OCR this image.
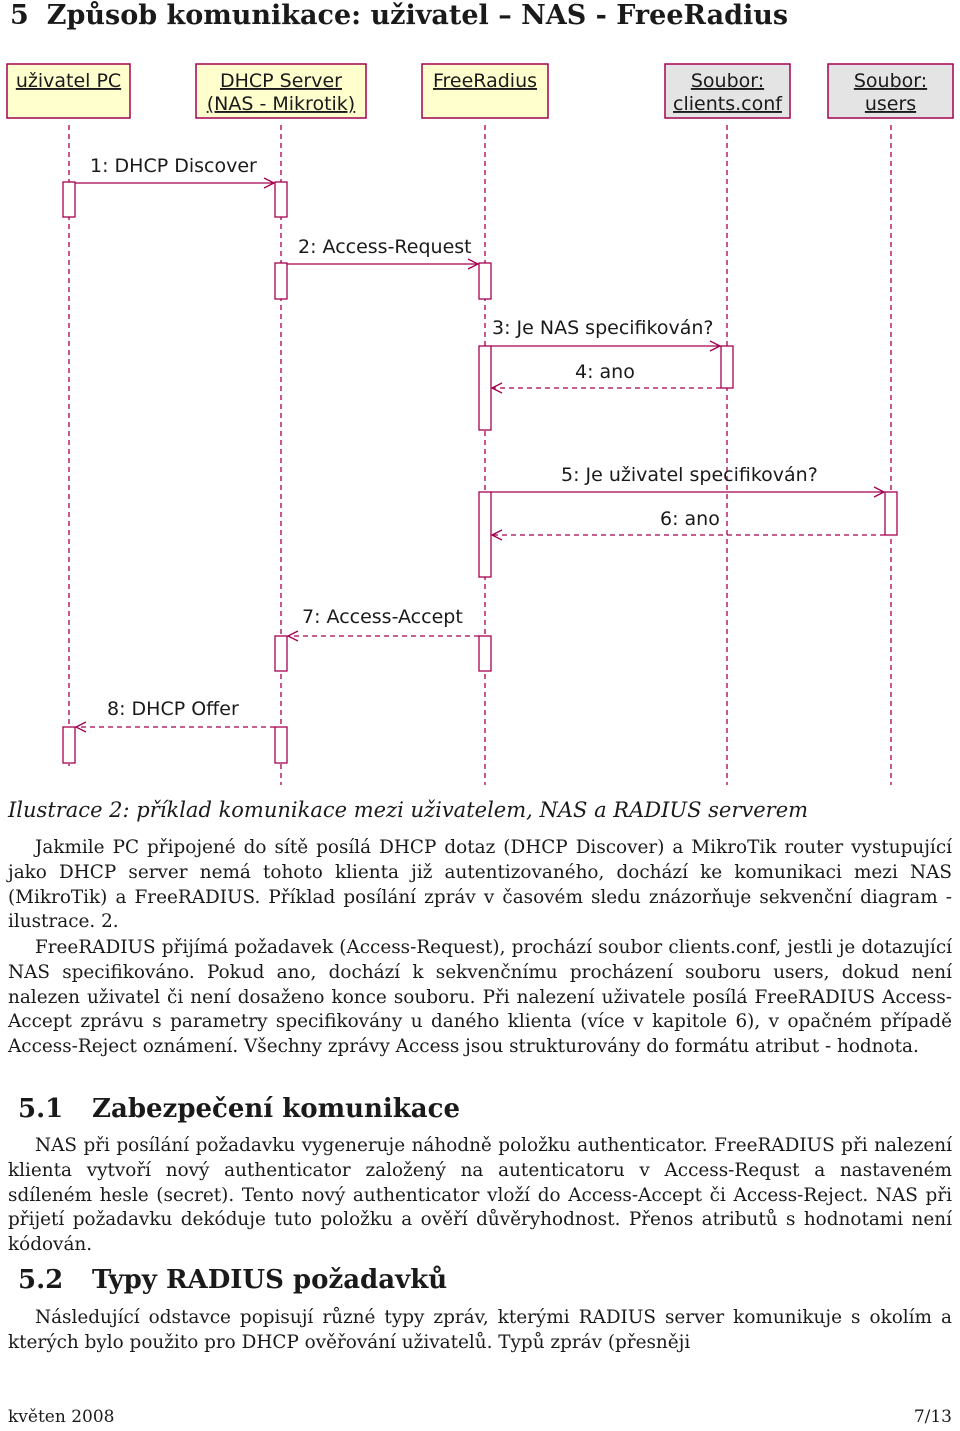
5 Způsob komunikace: uživatel – NAS - FreeRadius
uživatel PC	DHCP Server
(NAS - Mikrotik)
FreeRadius	Soubor:
clients.conf
Soubor:
users
1: DHCP Discover
2: Access-Request
3: Je NAS specifikován?
4: ano
5: Je uživatel specifikován?
6: ano
7: Access-Accept
8: DHCP Offer
Ilustrace 2: příklad komunikace mezi uživatelem, NAS a RADIUS serverem

Jakmile PC připojené do sítě posílá DHCP dotaz (DHCP Discover) a MikroTik router vystupující jako DHCP server nemá tohoto klienta již autentizovaného, dochází ke komunikaci mezi NAS (MikroTik) a FreeRADIUS. Příklad posílání zpráv v časovém sledu znázorňuje sekvenční diagram - ilustrace. 2.

FreeRADIUS přijímá požadavek (Access-Request), prochází soubor clients.conf, jestli je dotazující NAS specifikováno. Pokud ano, dochází k sekvenčnímu procházení souboru users, dokud není nalezen uživatel či není dosaženo konce souboru. Při nalezení uživatele posílá FreeRADIUS Access-Accept zprávu s parametry specifikovány u daného klienta (více v kapitole 6), v opačném případě Access-Reject oznámení. Všechny zprávy Access jsou strukturovány do formátu atribut - hodnota.

5.1 Zabezpečení komunikace

NAS při posílání požadavku vygeneruje náhodně položku authenticator. FreeRADIUS při nalezení klienta vytvoří nový authenticator založený na autenticatoru v Access-Requst a nastaveném sdíleném hesle (secret). Tento nový authenticator vloží do Access-Accept či Access-Reject. NAS při přijetí požadavku dekóduje tuto položku a ověří důvěryhodnost. Přenos atributů s hodnotami není kódován.

5.2 Typy RADIUS požadavků

Následující odstavce popisují různé typy zpráv, kterými RADIUS server komunikuje s okolím a kterých bylo použito pro DHCP ověřování uživatelů. Typů zpráv (přesněji

květen 2008	7/13
